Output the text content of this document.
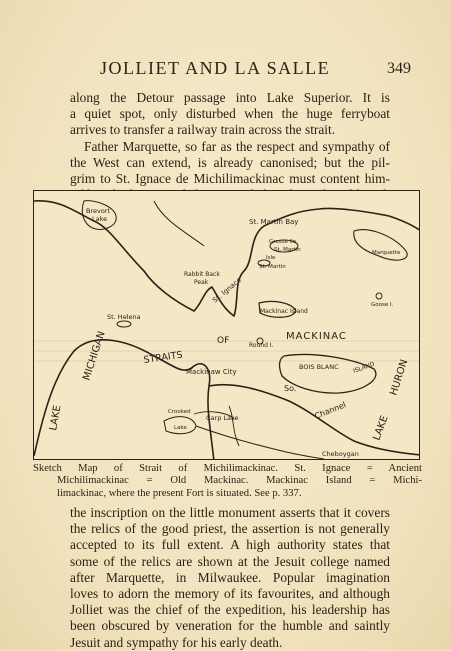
JOLLIET AND LA SALLE	349

along the Detour passage into Lake Superior. It is
a quiet spot, only disturbed when the huge ferryboat
arrives to transfer a railway train across the strait.
Father Marquette, so far as the respect and sympathy of
the West can extend, is already canonised; but the pil-
grim to St. Ignace de Michilimackinac must content him-

Brevort
Lake	St. Martin Bay
Grosse Ile
St. Martin
Isle
St. Martin
Rabbit Back
Peak St. Ignace
Marquette
Goose I.
St. Helena
Mackinac Island
STRAITS
OF	Round I.
MACKINAC
LAKE
MICHIGAN
LAKE
HURON
Mackinaw City
So.
BOIS BLANC ISLAND
Channel
Crooked
Lake
Carp Lake
Cheboygan
Sketch Map of Strait of Michilimackinac. St. Ignace = Ancient
Michilimackinac = Old Mackinac. Mackinac Island = Michi-
limackinac, where the present Fort is situated. See p. 337.

the inscription on the little monument asserts that it covers
the relics of the good priest, the assertion is not generally
accepted to its full extent. A high authority states that
some of the relics are shown at the Jesuit college named
after Marquette, in Milwaukee. Popular imagination
loves to adorn the memory of its favourites, and although
Jolliet was the chief of the expedition, his leadership has
been obscured by veneration for the humble and saintly
Jesuit and sympathy for his early death.
